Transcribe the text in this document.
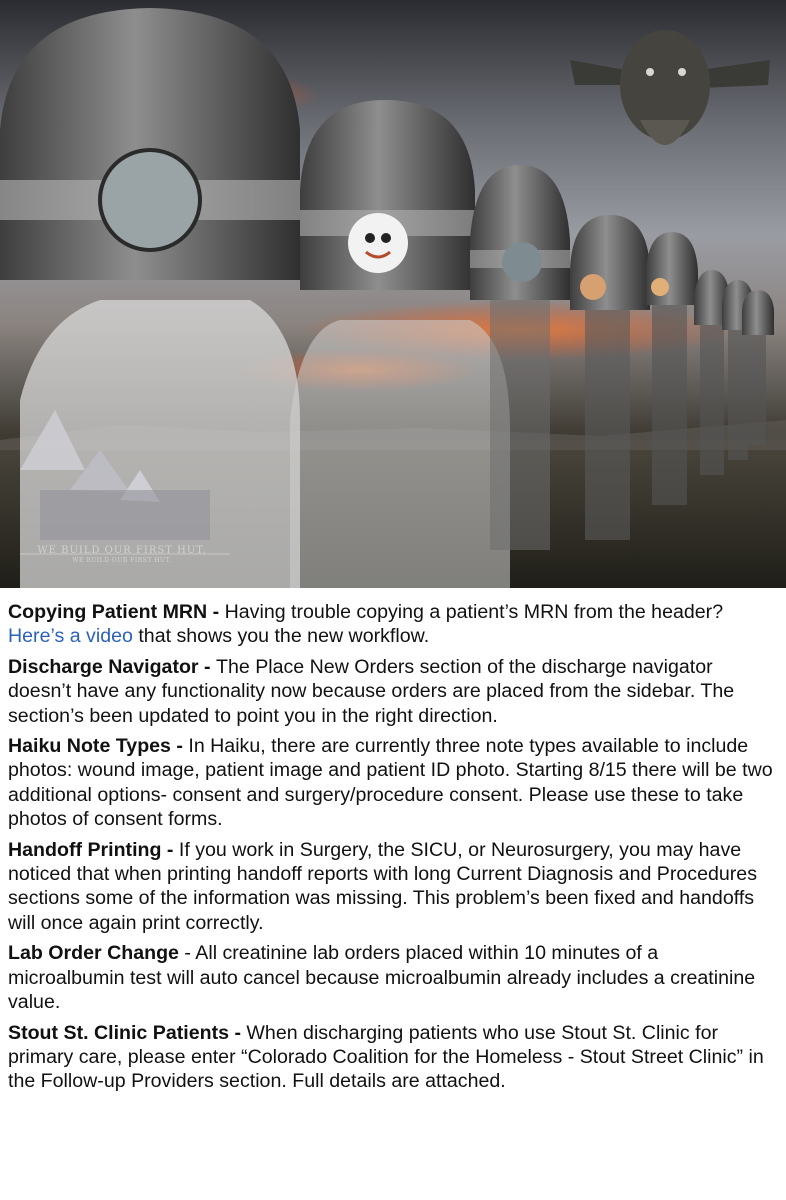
WE BUILD OUR FIRST HUT.
WE BUILD OUR FIRST HUT.

Copying Patient MRN - Having trouble copying a patient’s MRN from the header? Here’s a video that shows you the new workflow.

Discharge Navigator - The Place New Orders section of the discharge navigator doesn’t have any functionality now because orders are placed from the sidebar. The section’s been updated to point you in the right direction.

Haiku Note Types - In Haiku, there are currently three note types available to include photos: wound image, patient image and patient ID photo. Starting 8/15 there will be two additional options- consent and surgery/procedure consent. Please use these to take photos of consent forms.

Handoff Printing - If you work in Surgery, the SICU, or Neurosurgery, you may have noticed that when printing handoff reports with long Current Diagnosis and Procedures sections some of the information was missing. This problem’s been fixed and handoffs will once again print correctly.

Lab Order Change - All creatinine lab orders placed within 10 minutes of a microalbumin test will auto cancel because microalbumin already includes a creatinine value.

Stout St. Clinic Patients - When discharging patients who use Stout St. Clinic for primary care, please enter “Colorado Coalition for the Homeless - Stout Street Clinic” in the Follow-up Providers section. Full details are attached.
